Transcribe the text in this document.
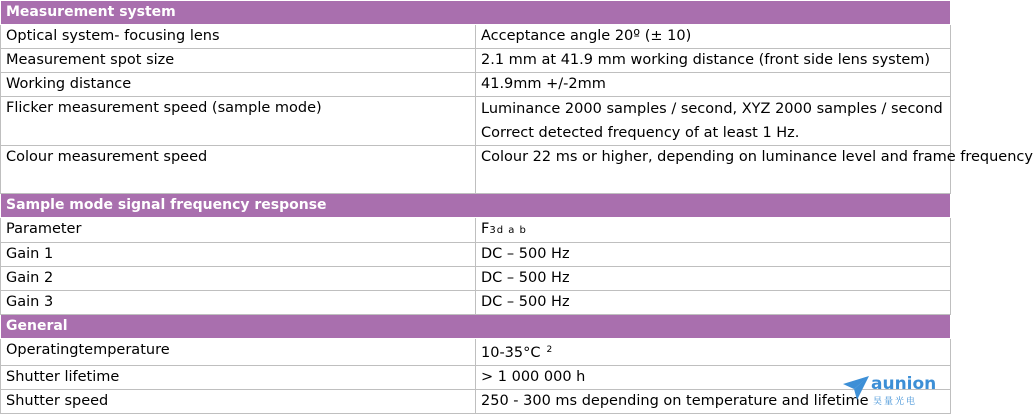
Measurement system	
Optical system- focusing lens	Acceptance angle 20º (± 10)
Measurement spot size	2.1 mm at 41.9 mm working distance (front side lens system)
Working distance	41.9mm +/-2mm
Flicker measurement speed (sample mode)	Luminance 2000 samples / second, XYZ 2000 samples / second Correct detected frequency of at least 1 Hz.
Colour measurement speed	Colour 22 ms or higher, depending on luminance level and frame frequency
Sample mode signal frequency response	
Parameter	F3d a b
Gain 1	DC – 500 Hz
Gain 2	DC – 500 Hz
Gain 3	DC – 500 Hz
General	
Operatingtemperature	10-35°C $^2$
Shutter lifetime	> 1 000 000 h
Shutter speed	250 - 300 ms depending on temperature and lifetime
aunion
昊量光电
